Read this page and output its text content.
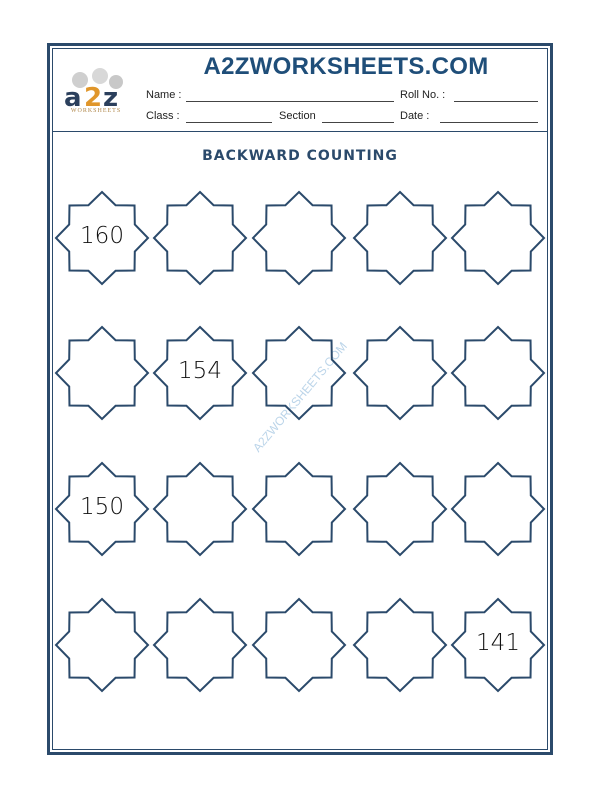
a 2 z
WORKSHEETS
A2ZWORKSHEETS.COM
Name :	Roll No. :
Class :	Section	Date :
BACKWARD COUNTING
A2ZWORKSHEETS.COM
160
154
150
141
